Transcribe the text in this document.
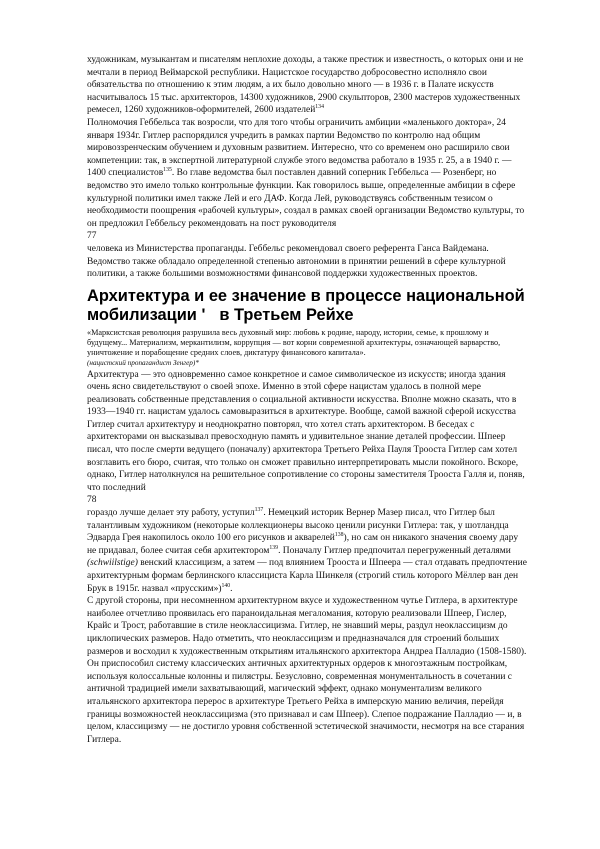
художникам, музыкантам и писателям неплохие доходы, а также престиж и известность, о которых они и не мечтали в период Веймарской республики. Нацистское государство добросовестно исполняло свои обязательства по отношению к этим людям, а их было довольно много — в 1936 г. в Палате искусств насчитывалось 15 тыс. архитекторов, 14300 художников, 2900 скульпторов, 2300 мастеров художественных ремесел, 1260 художников-оформителей, 2600 издателей$^{134}$

Полномочия Геббельса так возросли, что для того чтобы ограничить амбиции «маленького доктора», 24 января 1934г. Гитлер распорядился учредить в рамках партии Ведомство по контролю над общим мировоззренческим обучением и духовным развитием. Интересно, что со временем оно расширило свои компетенции: так, в экспертной литературной службе этого ведомства работало в 1935 г. 25, а в 1940 г. — 1400 специалистов$^{135}$. Во главе ведомства был поставлен давний соперник Геббельса — Розенберг, но ведомство это имело только контрольные функции. Как говорилось выше, определенные амбиции в сфере культурной политики имел также Лей и его ДАФ. Когда Лей, руководствуясь собственным тезисом о необходимости поощрения «рабочей культуры», создал в рамках своей организации Ведомство культуры, то он предложил Геббельсу рекомендовать на пост руководителя

77

человека из Министерства пропаганды. Геббельс рекомендовал своего референта Ганса Вайдемана. Ведомство также обладало определенной степенью автономии в принятии решений в сфере культурной политики, а также большими возможностями финансовой поддержки художественных проектов.

Архитектура и ее значение в процессе национальной мобилизации ' в Третьем Рейхе

«Марксистская революция разрушила весь духовный мир: любовь к родине, народу, истории, семье, к прошлому и будущему... Материализм, меркантилизм, коррупция — вот корни современной архитектуры, означающей варварство, уничтожение и порабощение средних слоев, диктатуру финансового капитала».
(нацистский пропагандист Зенгер)*

Архитектура — это одновременно самое конкретное и самое символическое из искусств; иногда здания очень ясно свидетельствуют о своей эпохе. Именно в этой сфере нацистам удалось в полной мере реализовать собственные представления о социальной активности искусства. Вполне можно сказать, что в 1933—1940 гг. нацистам удалось самовыразиться в архитектуре. Вообще, самой важной сферой искусства Гитлер считал архитектуру и неоднократно повторял, что хотел стать архитектором. В беседах с архитекторами он высказывал превосходную память и удивительное знание деталей профессии. Шпеер писал, что после смерти ведущего (поначалу) архитектора Третьего Рейха Пауля Трооста Гитлер сам хотел возглавить его бюро, считая, что только он сможет правильно интерпретировать мысли покойного. Вскоре, однако, Гитлер натолкнулся на решительное сопротивление со стороны заместителя Трооста Галля и, поняв, что последний

78

гораздо лучше делает эту работу, уступил$^{137}$. Немецкий историк Вернер Мазер писал, что Гитлер был талантливым художником (некоторые коллекционеры высоко ценили рисунки Гитлера: так, у шотландца Эдварда Грея накопилось около 100 его рисунков и акварелей$^{138}$), но сам он никакого значения своему дару не придавал, более считая себя архитектором$^{139}$. Поначалу Гитлер предпочитал перегруженный деталями (schwiilstige) венский классицизм, а затем — под влиянием Трооста и Шпеера — стал отдавать предпочтение архитектурным формам берлинского классициста Карла Шинкеля (строгий стиль которого Мёллер ван ден Брук в 1915г. назвал «прусским»)$^{140}$.

С другой стороны, при несомненном архитектурном вкусе и художественном чутье Гитлера, в архитектуре наиболее отчетливо проявилась его параноидальная мегаломания, которую реализовали Шпеер, Гислер, Крайс и Трост, работавшие в стиле неоклассицизма. Гитлер, не знавший меры, раздул неоклассицизм до циклопических размеров. Надо отметить, что неоклассицизм и предназначался для строений больших размеров и восходил к художественным открытиям итальянского архитектора Андреа Палладио (1508-1580). Он приспособил систему классических античных архитектурных ордеров к многоэтажным постройкам, используя колоссальные колонны и пилястры. Безусловно, современная монументальность в сочетании с античной традицией имели захватывающий, магический эффект, однако монументализм великого итальянского архитектора перерос в архитектуре Третьего Рейха в имперскую манию величия, перейдя границы возможностей неоклассицизма (это признавал и сам Шпеер). Слепое подражание Палладио — и, в целом, классицизму — не достигло уровня собственной эстетической значимости, несмотря на все старания Гитлера.
